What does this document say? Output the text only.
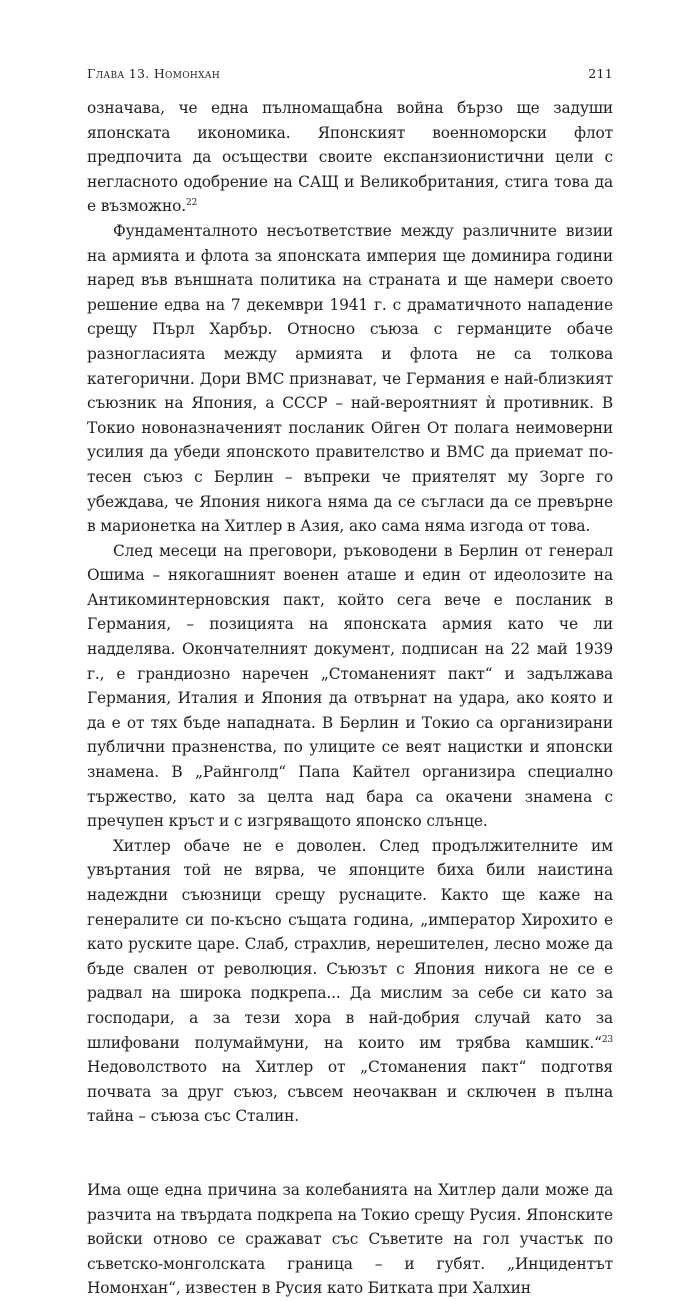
Глава 13. Номонхан	211

означава, че една пълномащабна война бързо ще задуши японската икономика. Японският военноморски флот предпочита да осъществи своите експанзионистични цели с негласното одобрение на САЩ и Великобритания, стига това да е възможно.$^{22}$

Фундаменталното несъответствие между различните визии на армията и флота за японската империя ще доминира години наред във външната политика на страната и ще намери своето решение едва на 7 декември 1941 г. с драматичното нападение срещу Пърл Харбър. Относно съюза с германците обаче разногласията между армията и флота не са толкова категорични. Дори ВМС признават, че Германия е най-близкият съюзник на Япония, а СССР – най-вероятният ѝ противник. В Токио новоназначеният посланик Ойген От полага неимоверни усилия да убеди японското правителство и ВМС да приемат по-тесен съюз с Берлин – въпреки че приятелят му Зорге го убеждава, че Япония никога няма да се съгласи да се превърне в марионетка на Хитлер в Азия, ако сама няма изгода от това.

След месеци на преговори, ръководени в Берлин от генерал Ошима – някогашният военен аташе и един от идеолозите на Антикоминтерновския пакт, който сега вече е посланик в Германия, – позицията на японската армия като че ли надделява. Окончателният документ, подписан на 22 май 1939 г., е грандиозно наречен „Стоманеният пакт“ и задължава Германия, Италия и Япония да отвърнат на удара, ако която и да е от тях бъде нападната. В Берлин и Токио са организирани публични празненства, по улиците се веят нацистки и японски знамена. В „Райнголд“ Папа Кайтел организира специално тържество, като за целта над бара са окачени знамена с пречупен кръст и с изгряващото японско слънце.

Хитлер обаче не е доволен. След продължителните им увъртания той не вярва, че японците биха били наистина надеждни съюзници срещу руснаците. Както ще каже на генералите си по-късно същата година, „император Хирохито е като руските царе. Слаб, страхлив, нерешителен, лесно може да бъде свален от революция. Съюзът с Япония никога не се е радвал на широка подкрепа... Да мислим за себе си като за господари, а за тези хора в най-добрия случай като за шлифовани полумаймуни, на които им трябва камшик.“$^{23}$ Недоволството на Хитлер от „Стоманения пакт“ подготвя почвата за друг съюз, съвсем неочакван и сключен в пълна тайна – съюза със Сталин.

Има още една причина за колебанията на Хитлер дали може да разчита на твърдата подкрепа на Токио срещу Русия. Японските войски отново се сражават със Съветите на гол участък по съветско-монголската граница – и губят. „Инцидентът Номонхан“, известен в Русия като Битката при Халхин
